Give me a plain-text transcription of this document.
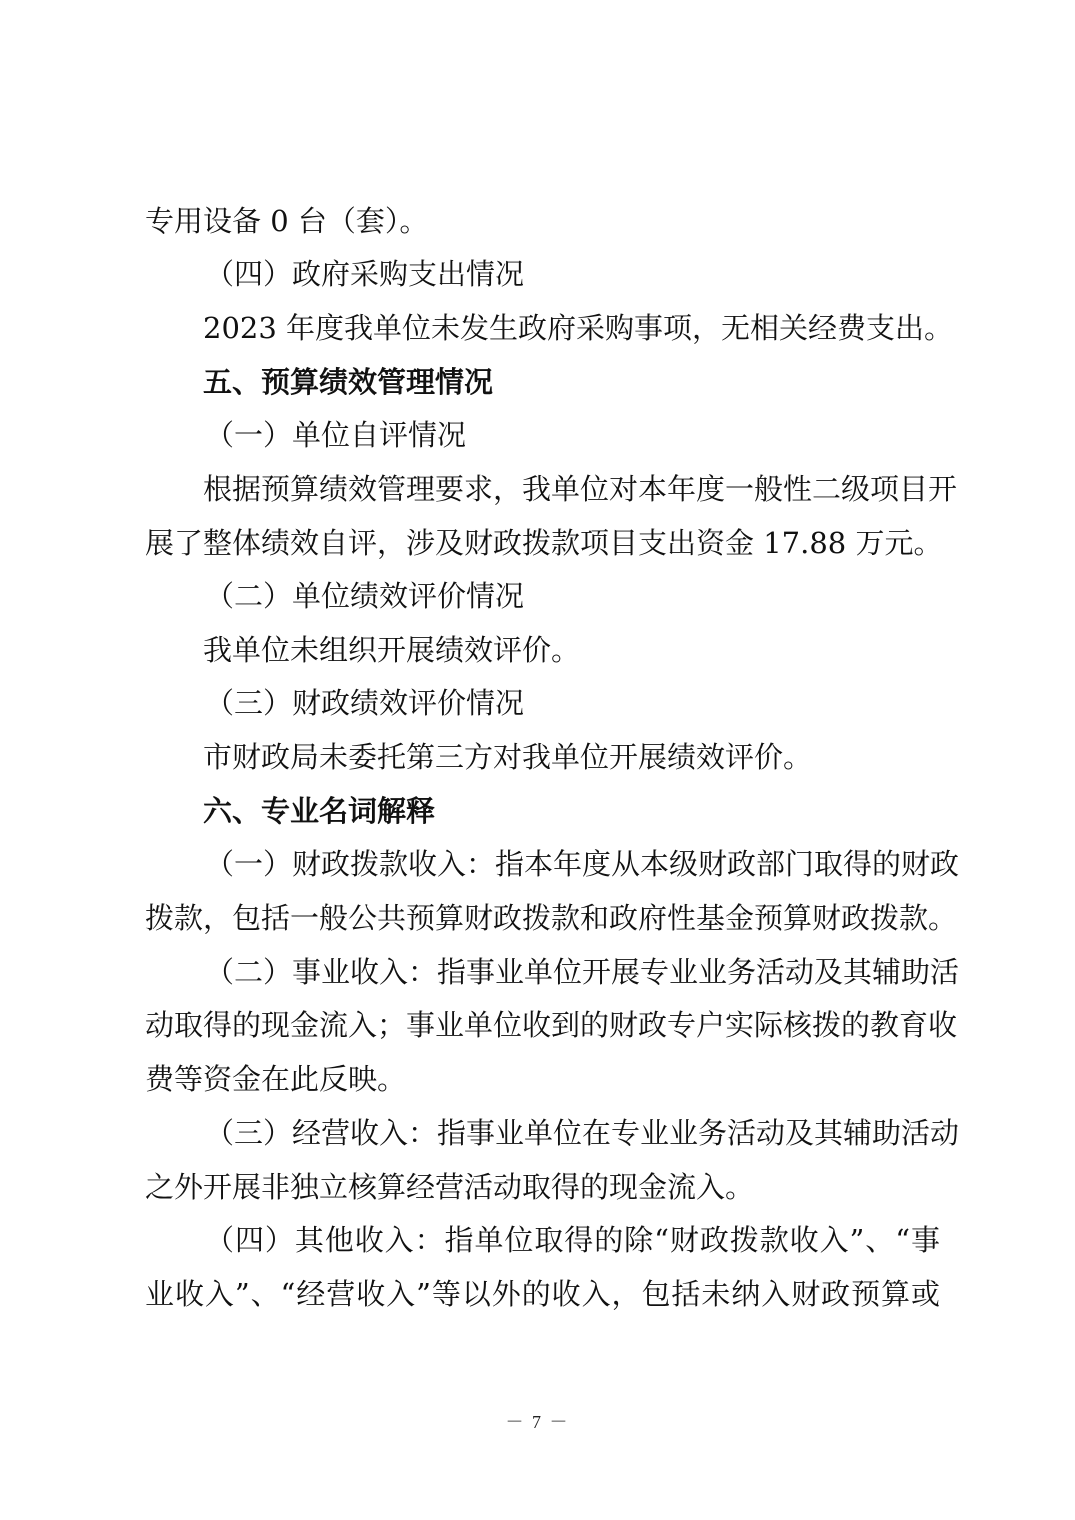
专用设备 0 台（套）。
（四）政府采购支出情况
2023 年度我单位未发生政府采购事项，无相关经费支出。
五、预算绩效管理情况
（一）单位自评情况
根据预算绩效管理要求，我单位对本年度一般性二级项目开
展了整体绩效自评，涉及财政拨款项目支出资金 17.88 万元。
（二）单位绩效评价情况
我单位未组织开展绩效评价。
（三）财政绩效评价情况
市财政局未委托第三方对我单位开展绩效评价。
六、专业名词解释
（一）财政拨款收入：指本年度从本级财政部门取得的财政
拨款，包括一般公共预算财政拨款和政府性基金预算财政拨款。
（二）事业收入：指事业单位开展专业业务活动及其辅助活
动取得的现金流入；事业单位收到的财政专户实际核拨的教育收
费等资金在此反映。
（三）经营收入：指事业单位在专业业务活动及其辅助活动
之外开展非独立核算经营活动取得的现金流入。
（四）其他收入：指单位取得的除“财政拨款收入”、“事
业收入”、“经营收入”等以外的收入，包括未纳入财政预算或
－ 7 －
